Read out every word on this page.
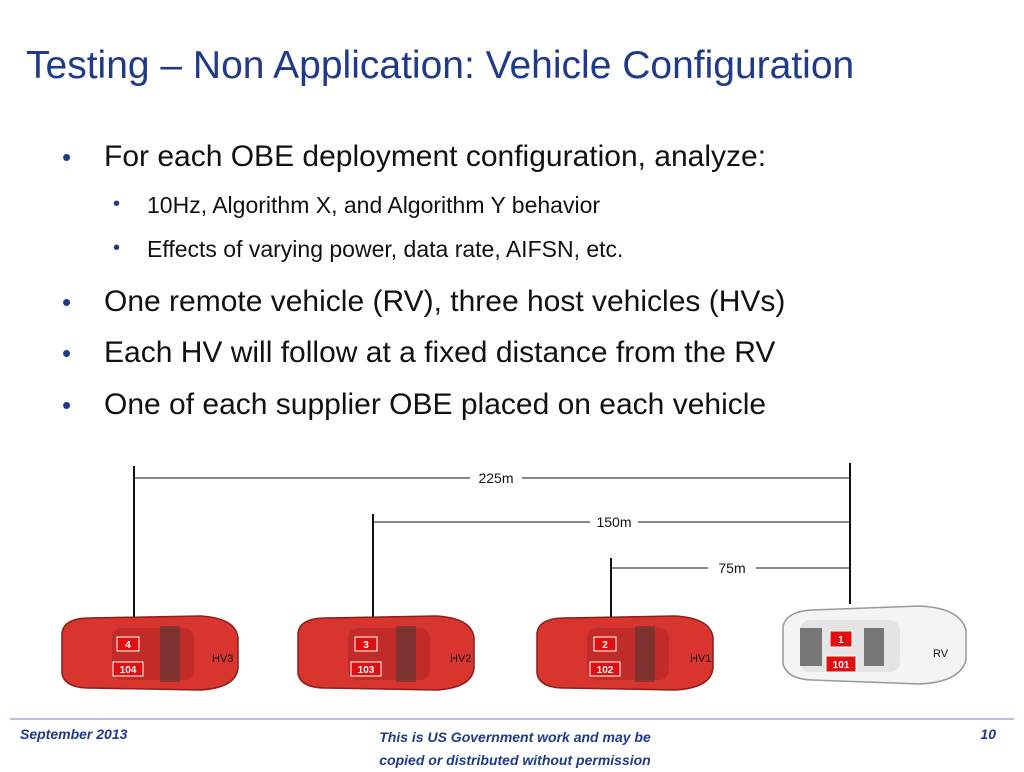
Testing – Non Application: Vehicle Configuration
• For each OBE deployment configuration, analyze:
• 10Hz, Algorithm X, and Algorithm Y behavior
• Effects of varying power, data rate, AIFSN, etc.
• One remote vehicle (RV), three host vehicles (HVs)
• Each HV will follow at a fixed distance from the RV
• One of each supplier OBE placed on each vehicle
225m
150m
75m
4
104
HV3
3
103
HV2
2
102
HV1
1
101
RV
September 2013	This is US Government work and may be
copied or distributed without permission
10
